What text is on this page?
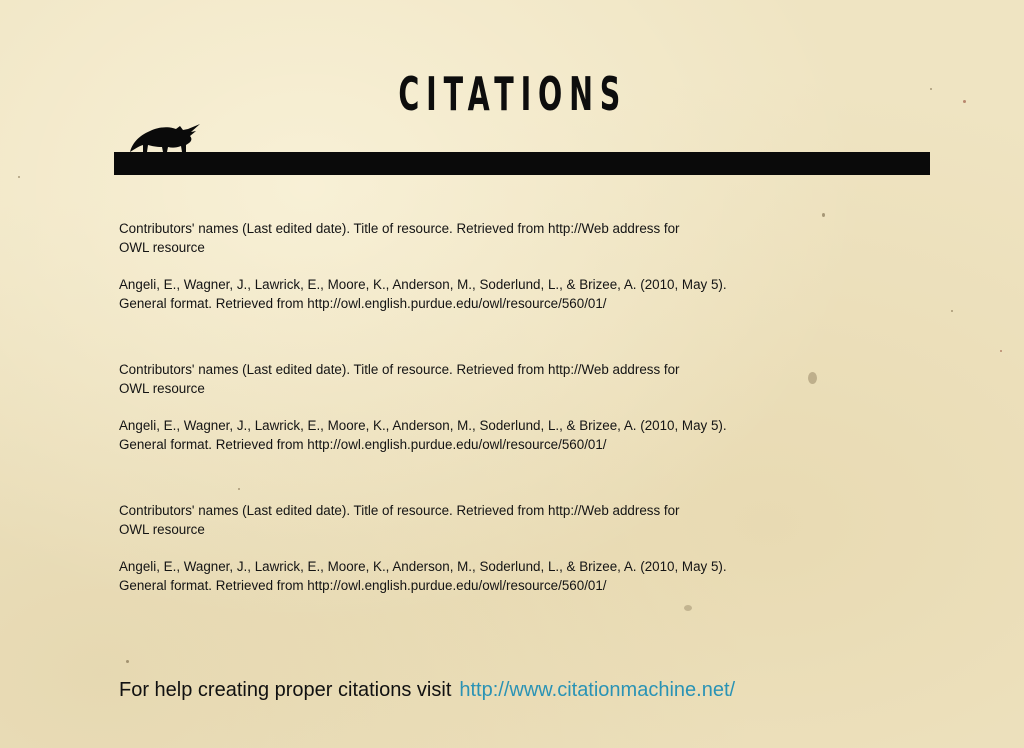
CITATIONS

Contributors' names (Last edited date). Title of resource. Retrieved from http://Web address for
OWL resource

Angeli, E., Wagner, J., Lawrick, E., Moore, K., Anderson, M., Soderlund, L., & Brizee, A. (2010, May 5).
General format. Retrieved from http://owl.english.purdue.edu/owl/resource/560/01/

Contributors' names (Last edited date). Title of resource. Retrieved from http://Web address for
OWL resource

Angeli, E., Wagner, J., Lawrick, E., Moore, K., Anderson, M., Soderlund, L., & Brizee, A. (2010, May 5).
General format. Retrieved from http://owl.english.purdue.edu/owl/resource/560/01/

Contributors' names (Last edited date). Title of resource. Retrieved from http://Web address for
OWL resource

Angeli, E., Wagner, J., Lawrick, E., Moore, K., Anderson, M., Soderlund, L., & Brizee, A. (2010, May 5).
General format. Retrieved from http://owl.english.purdue.edu/owl/resource/560/01/

For help creating proper citations visit http://www.citationmachine.net/
